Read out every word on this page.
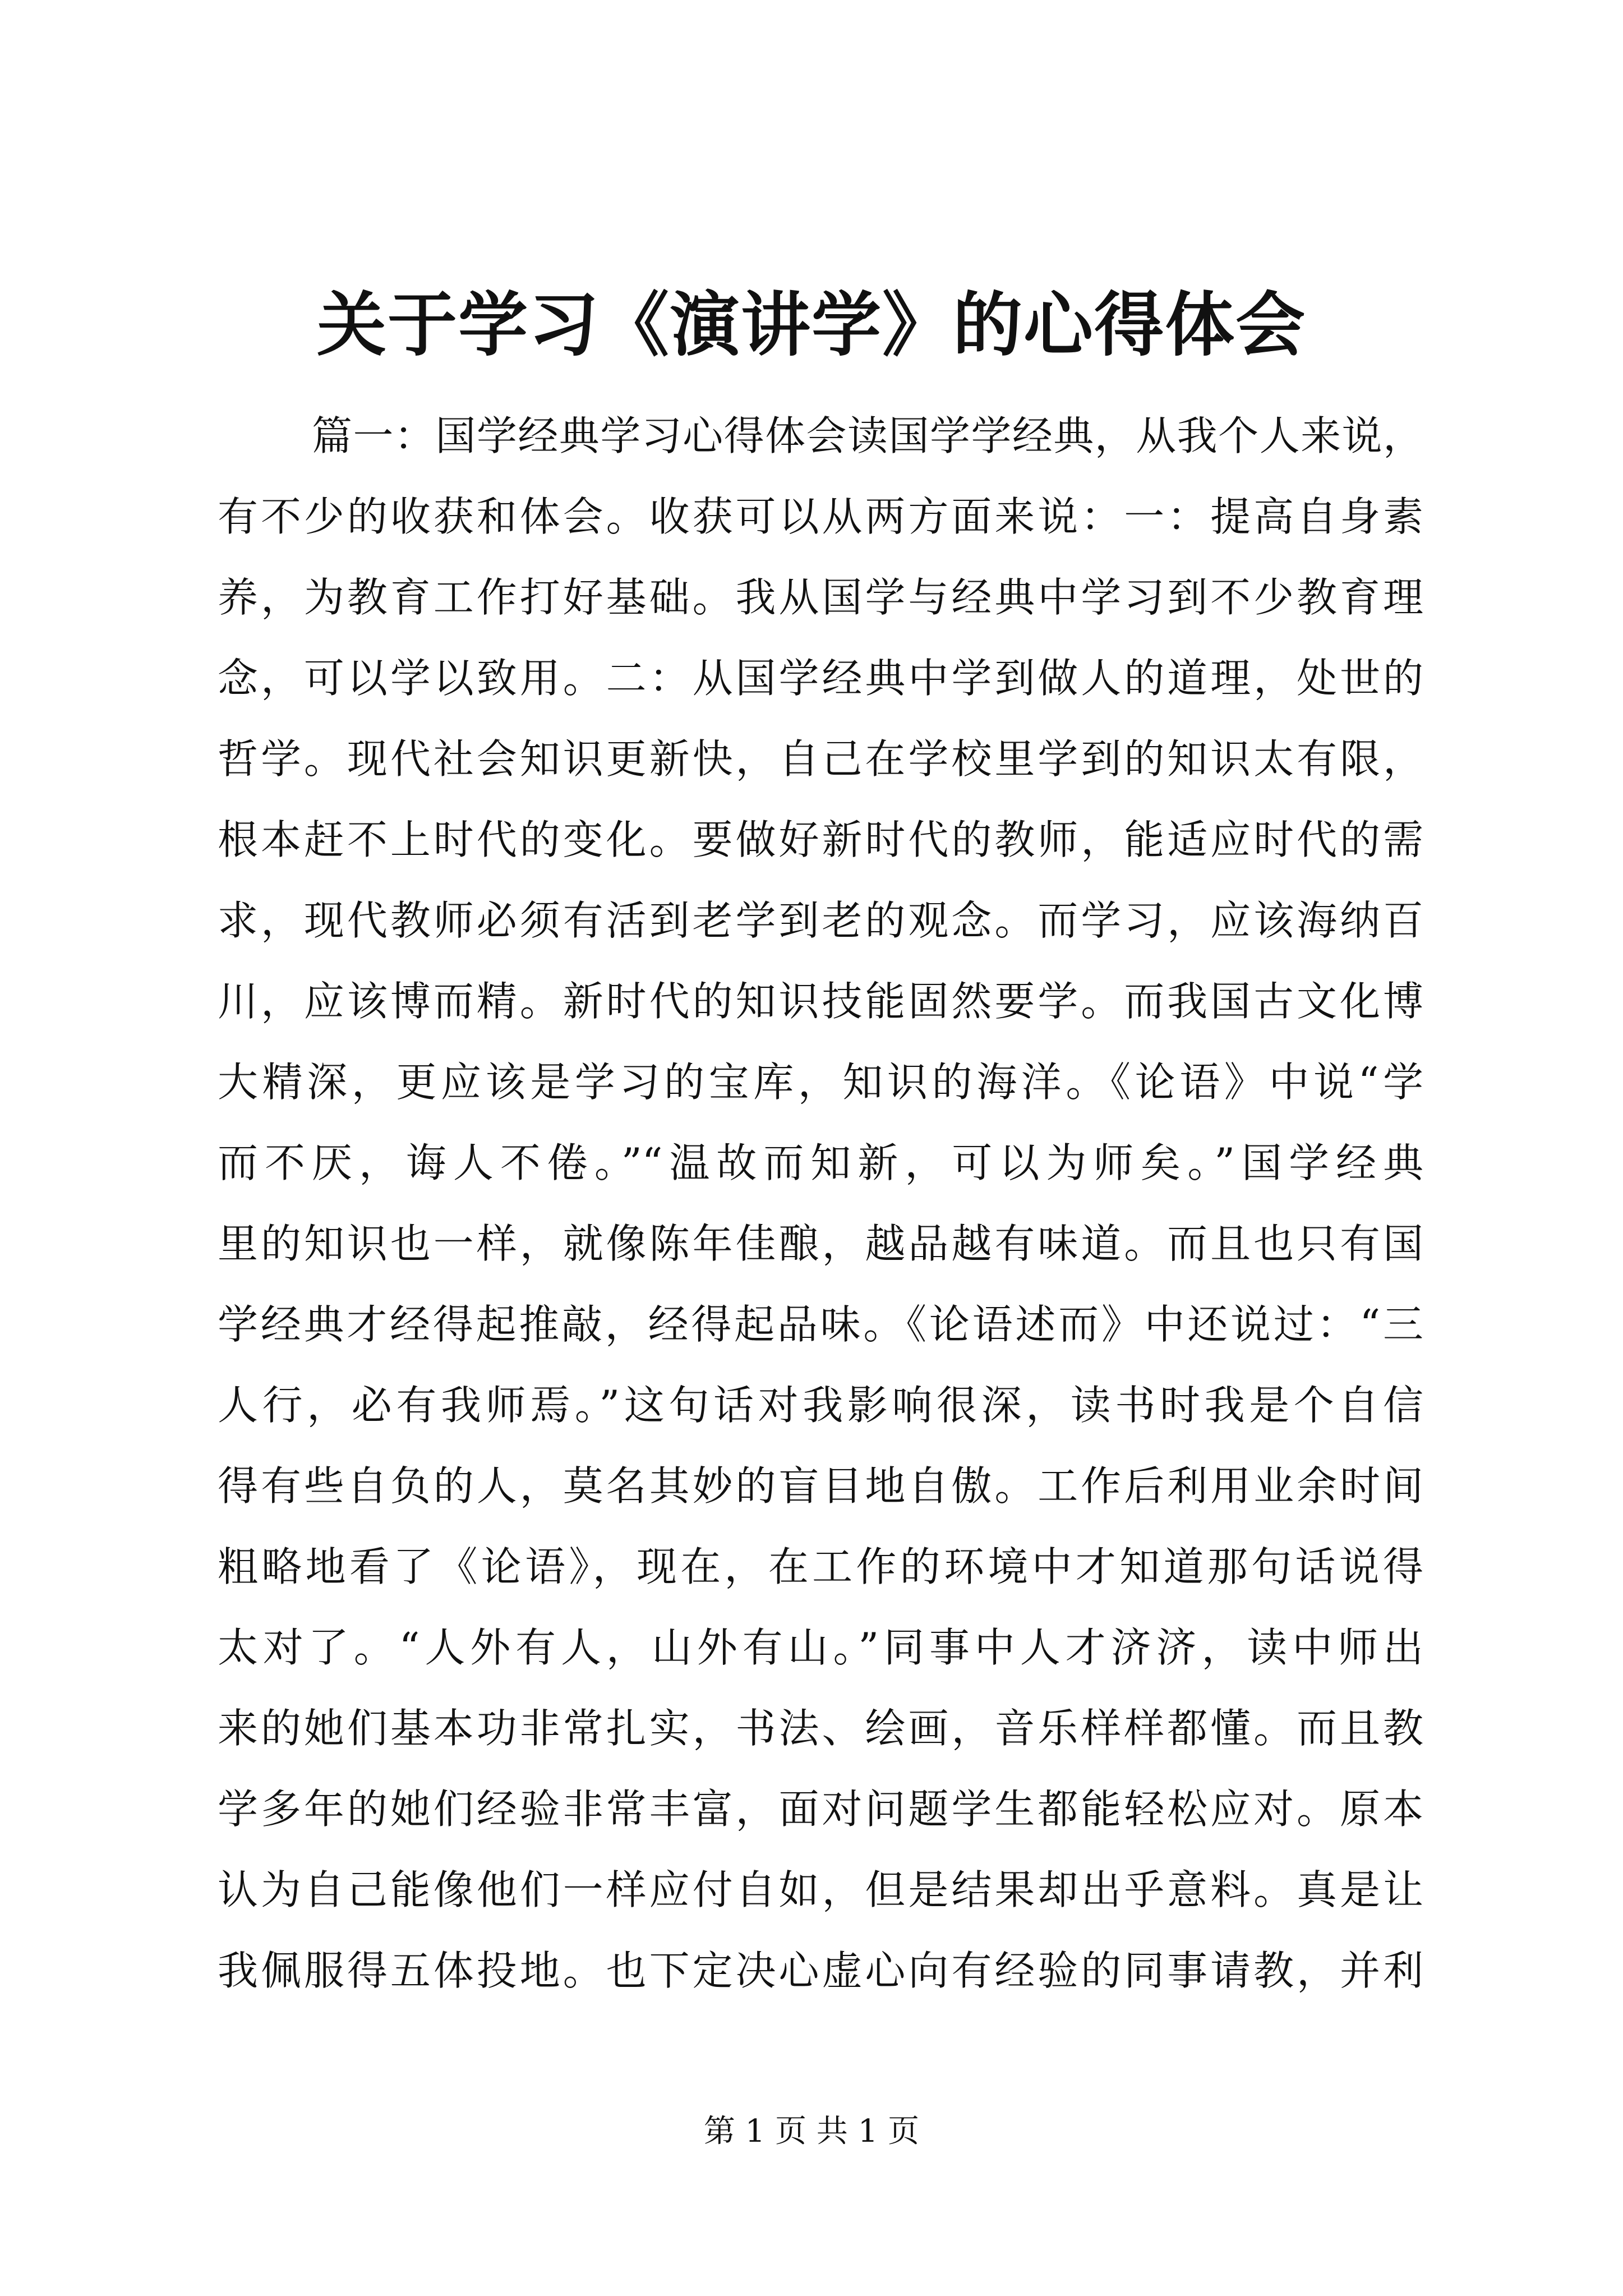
关于学习《演讲学》的心得体会
篇一：国学经典学习心得体会读国学学经典，从我个人来说，
有不少的收获和体会。收获可以从两方面来说：一：提高自身素
养，为教育工作打好基础。我从国学与经典中学习到不少教育理
念，可以学以致用。二：从国学经典中学到做人的道理，处世的
哲学。现代社会知识更新快，自己在学校里学到的知识太有限，
根本赶不上时代的变化。要做好新时代的教师，能适应时代的需
求，现代教师必须有活到老学到老的观念。而学习，应该海纳百
川，应该博而精。新时代的知识技能固然要学。而我国古文化博
大精深，更应该是学习的宝库，知识的海洋。《论语》中说“学
而不厌，诲人不倦。”“温故而知新，可以为师矣。”国学经典
里的知识也一样，就像陈年佳酿，越品越有味道。而且也只有国
学经典才经得起推敲，经得起品味。《论语述而》中还说过：“三
人行，必有我师焉。”这句话对我影响很深，读书时我是个自信
得有些自负的人，莫名其妙的盲目地自傲。工作后利用业余时间
粗略地看了《论语》，现在，在工作的环境中才知道那句话说得
太对了。“人外有人，山外有山。”同事中人才济济，读中师出
来的她们基本功非常扎实，书法、绘画，音乐样样都懂。而且教
学多年的她们经验非常丰富，面对问题学生都能轻松应对。原本
认为自己能像他们一样应付自如，但是结果却出乎意料。真是让
我佩服得五体投地。也下定决心虚心向有经验的同事请教，并利
第 1 页 共 1 页
